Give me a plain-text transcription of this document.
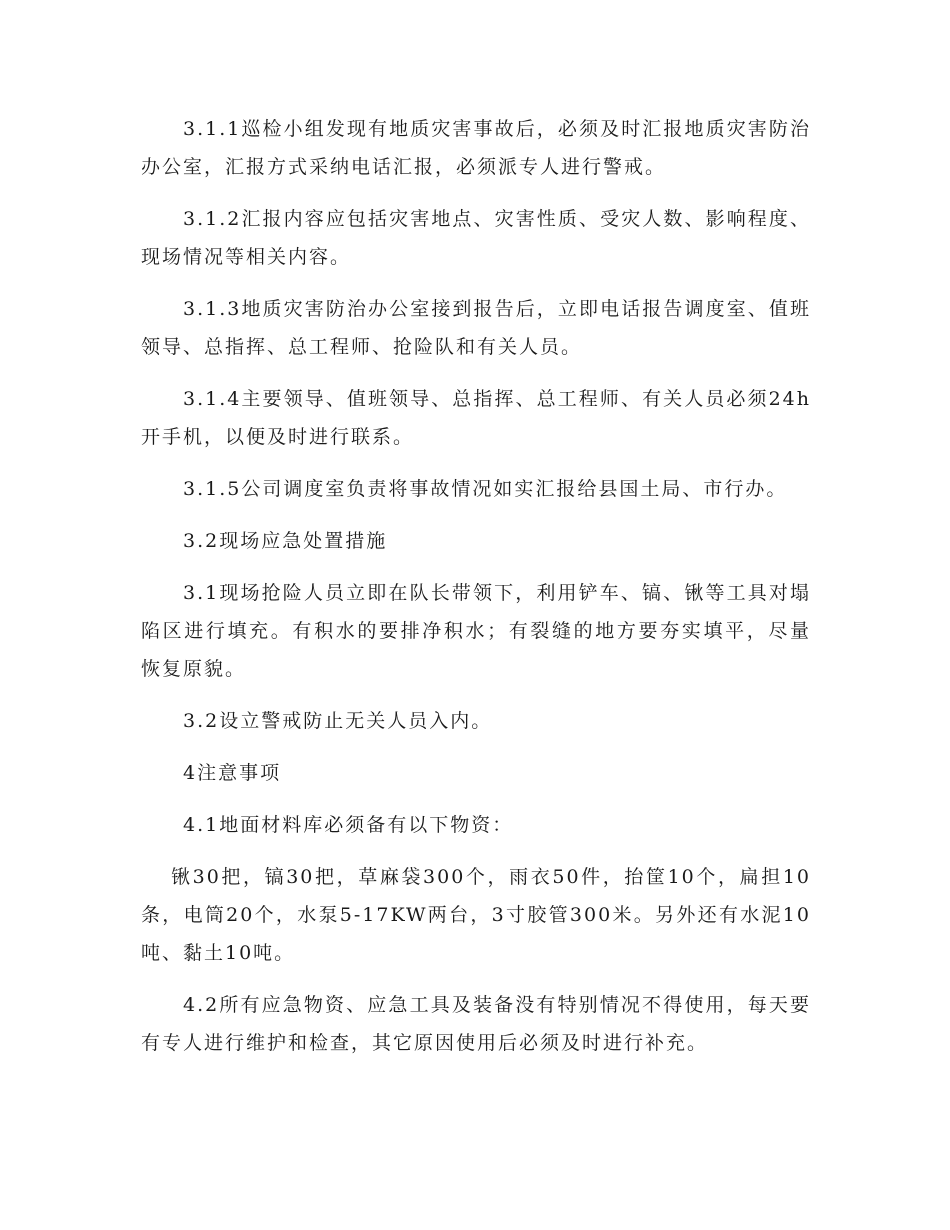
3.1.1巡检小组发现有地质灾害事故后，必须及时汇报地质灾害防治办公室，汇报方式采纳电话汇报，必须派专人进行警戒。

3.1.2汇报内容应包括灾害地点、灾害性质、受灾人数、影响程度、现场情况等相关内容。

3.1.3地质灾害防治办公室接到报告后，立即电话报告调度室、值班领导、总指挥、总工程师、抢险队和有关人员。

3.1.4主要领导、值班领导、总指挥、总工程师、有关人员必须24h开手机，以便及时进行联系。

3.1.5公司调度室负责将事故情况如实汇报给县国土局、市行办。

3.2现场应急处置措施

3.1现场抢险人员立即在队长带领下，利用铲车、镐、锹等工具对塌陷区进行填充。有积水的要排净积水；有裂缝的地方要夯实填平，尽量恢复原貌。

3.2设立警戒防止无关人员入内。

4注意事项

4.1地面材料库必须备有以下物资：

锹30把，镐30把，草麻袋300个，雨衣50件，抬筐10个，扁担10条，电筒20个，水泵5-17KW两台，3寸胶管300米。另外还有水泥10吨、黏土10吨。

4.2所有应急物资、应急工具及装备没有特别情况不得使用，每天要有专人进行维护和检查，其它原因使用后必须及时进行补充。
